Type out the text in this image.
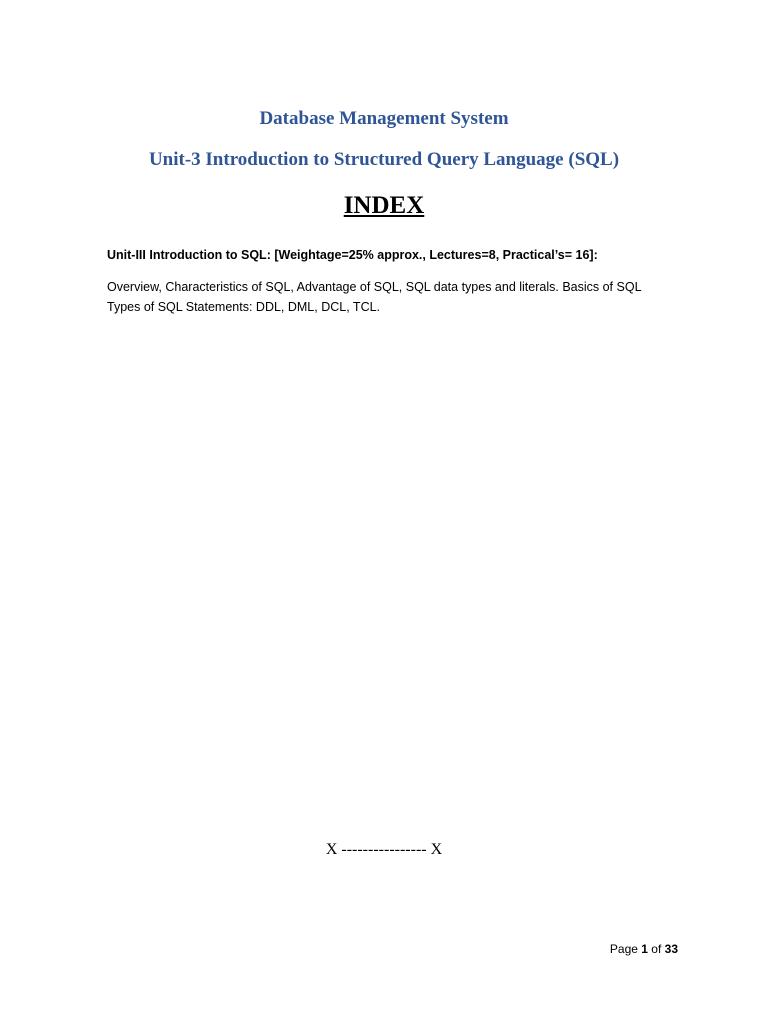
Database Management System
Unit-3 Introduction to Structured Query Language (SQL)
INDEX
Unit-III Introduction to SQL: [Weightage=25% approx., Lectures=8, Practical’s= 16]:
Overview, Characteristics of SQL, Advantage of SQL, SQL data types and literals. Basics of SQL Types of SQL Statements: DDL, DML, DCL, TCL.
X ---------------- X
Page 1 of 33
